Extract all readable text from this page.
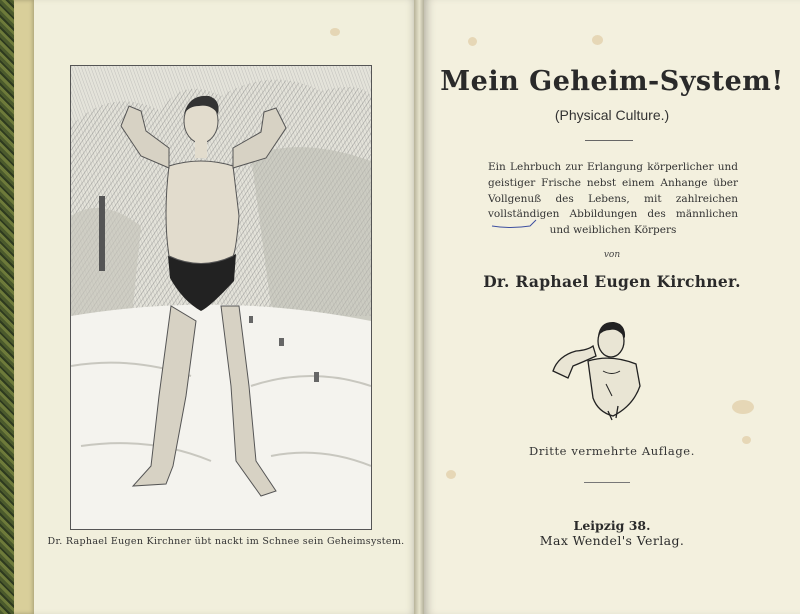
Dr. Raphael Eugen Kirchner übt nackt im Schnee sein Geheimsystem.
Mein Geheim-System!
(Physical Culture.)
Ein Lehrbuch zur Erlangung körperlicher und geistiger Frische nebst einem Anhange über Vollgenuß des Lebens, mit zahlreichen vollständigen Abbildungen des männlichen und weiblichen Körpers
von
Dr. Raphael Eugen Kirchner.
Dritte vermehrte Auflage.
Leipzig 38.
Max Wendel's Verlag.
